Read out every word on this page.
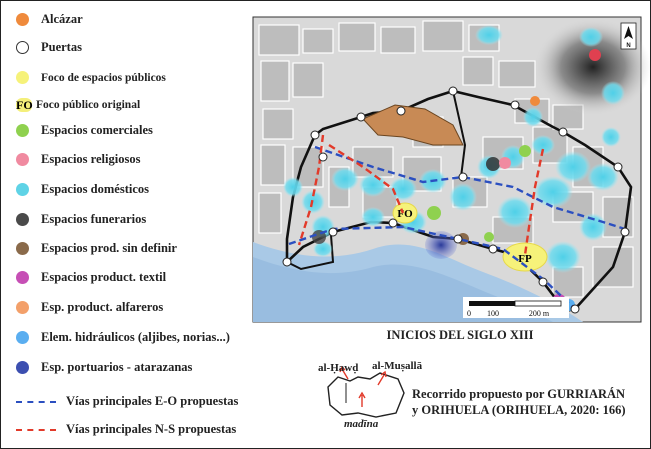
Alcázar
Puertas
Foco de espacios públicos
FO Foco público original
Espacios comerciales
Espacios religiosos
Espacios domésticos
Espacios funerarios
Espacios prod. sin definir
Espacios product. textil
Esp. product. alfareros
Elem. hidráulicos (aljibes, norias...)
Esp. portuarios - atarazanas
Vías principales E-O propuestas
Vías principales N-S propuestas
FO
FP
N
0 100	200 m
INICIOS DEL SIGLO XIII
al-Ḥawḍ al-Muṣallā
madīna
Recorrido propuesto por GURRIARÁN
y ORIHUELA (ORIHUELA, 2020: 166)
